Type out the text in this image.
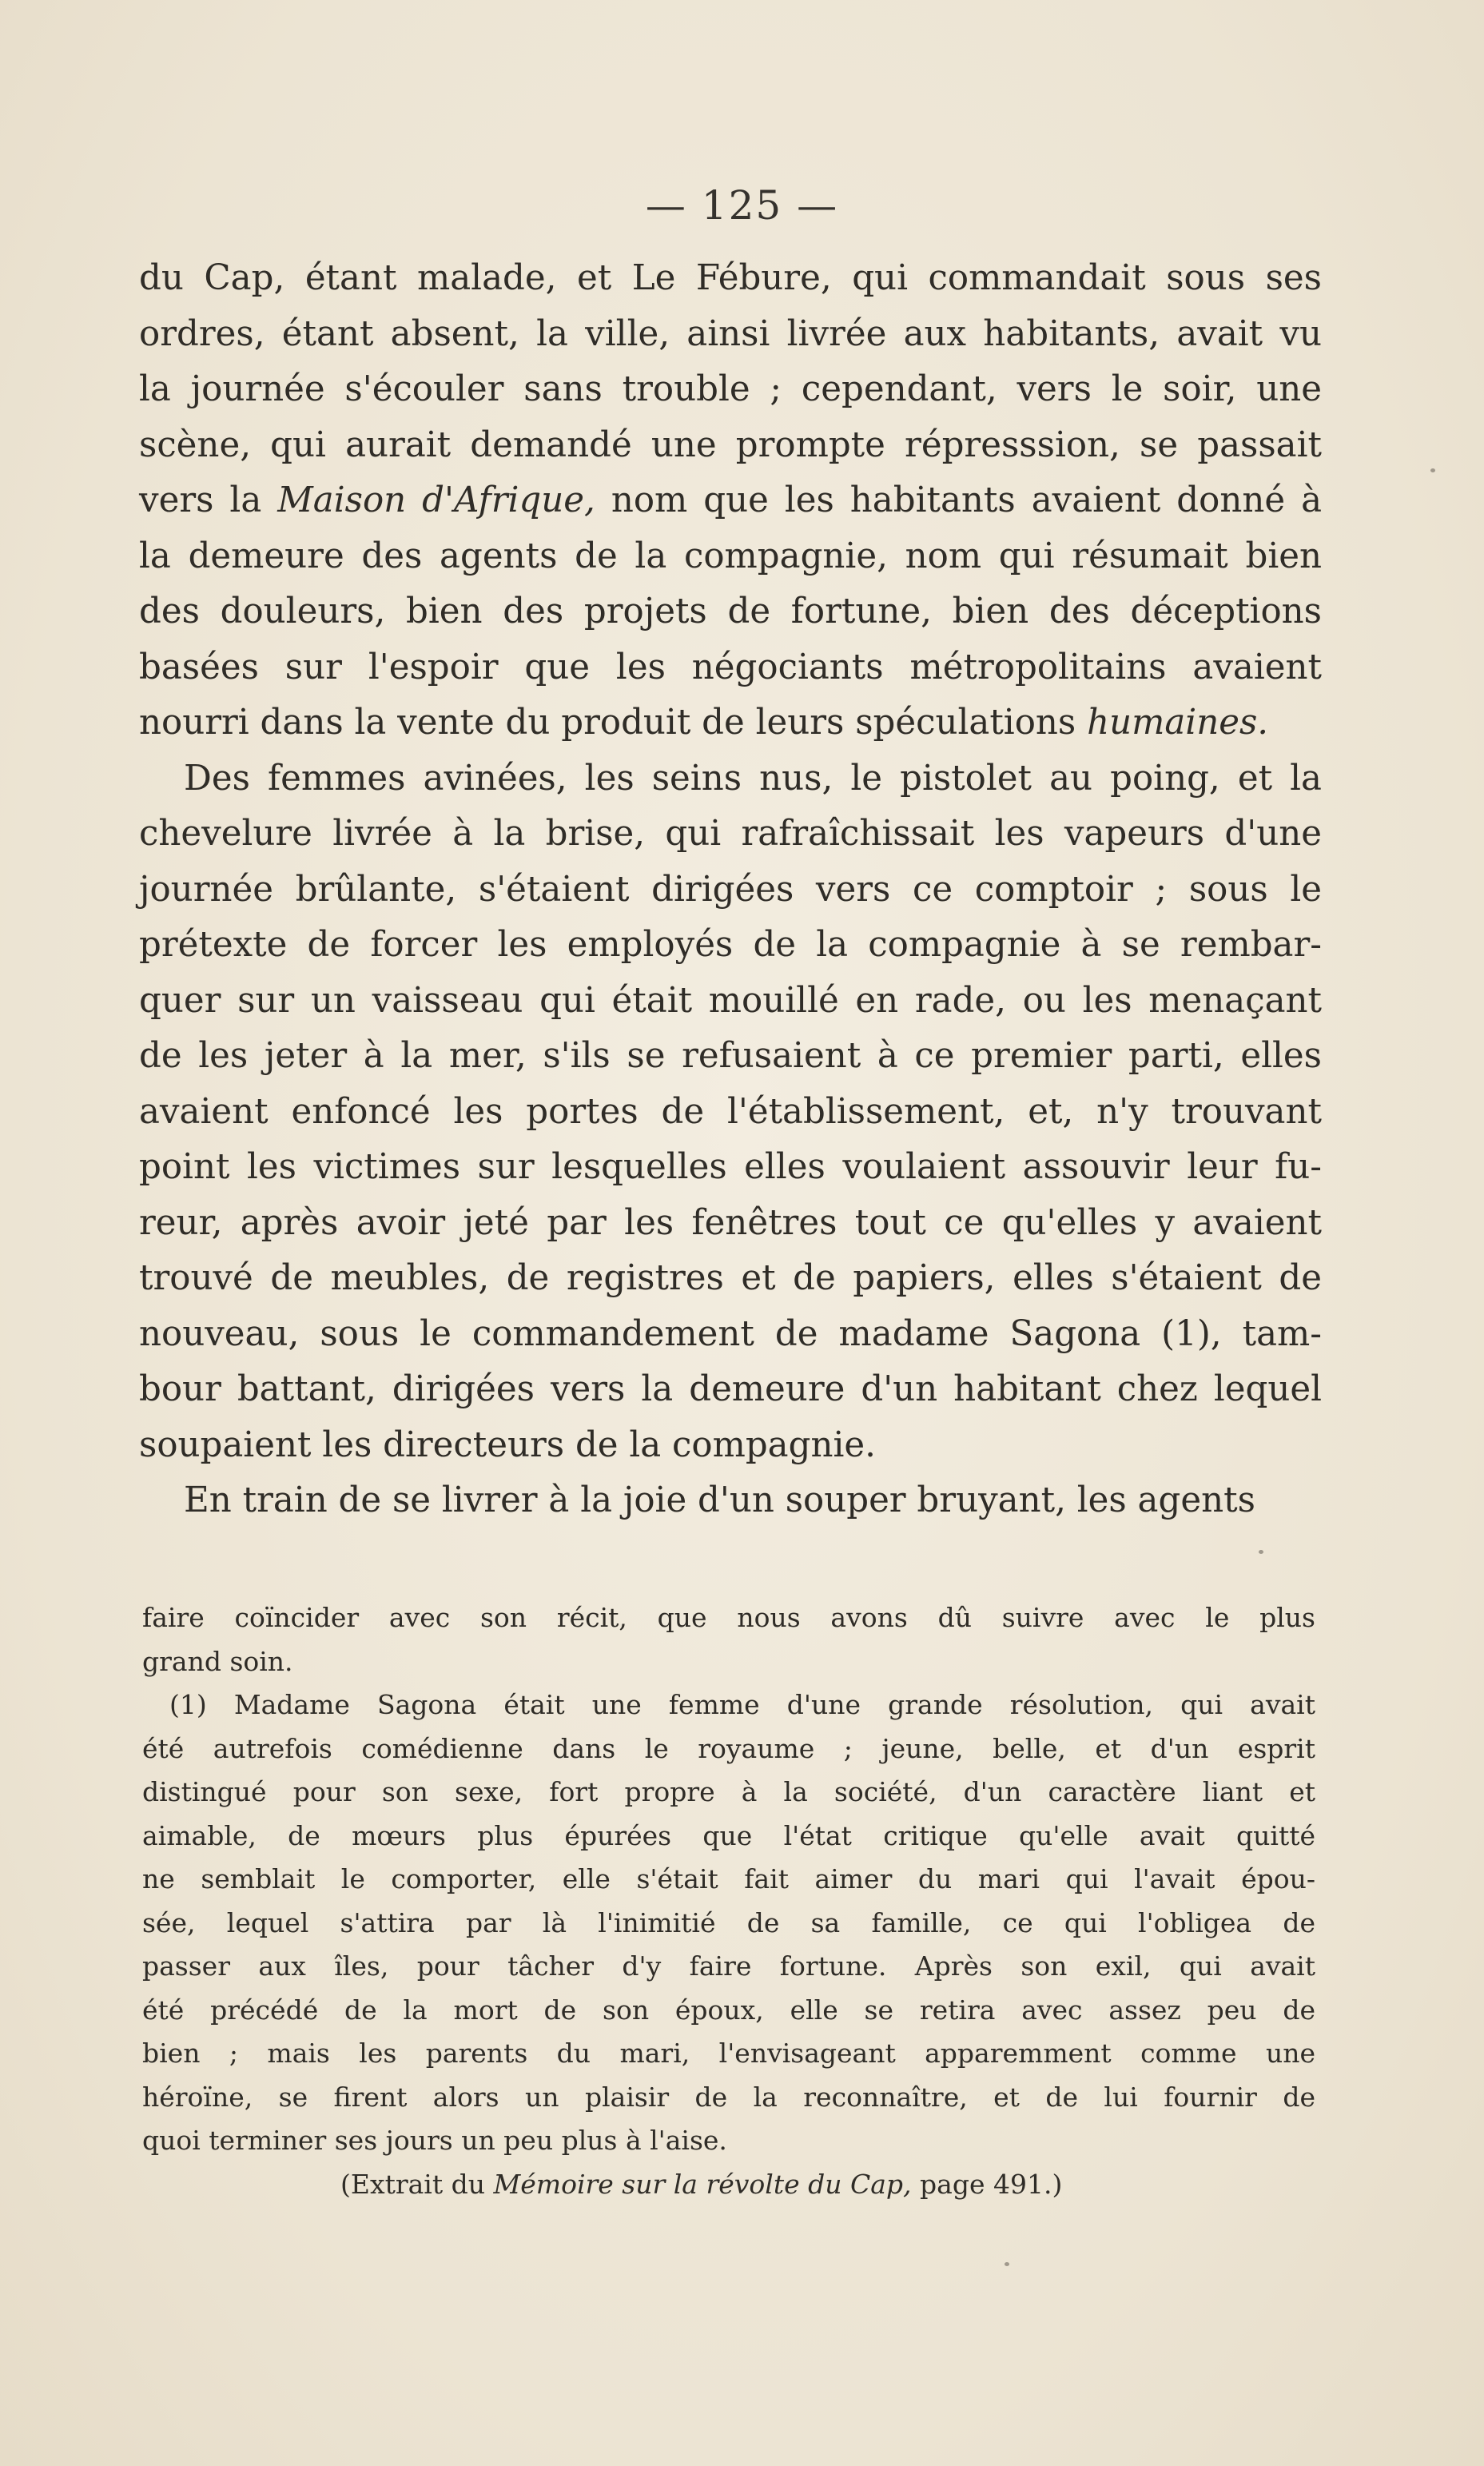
— 125 —

du Cap, étant malade, et Le Fébure, qui commandait sous ses
ordres, étant absent, la ville, ainsi livrée aux habitants, avait vu
la journée s'écouler sans trouble ; cependant, vers le soir, une
scène, qui aurait demandé une prompte répresssion, se passait
vers la Maison d'Afrique, nom que les habitants avaient donné à
la demeure des agents de la compagnie, nom qui résumait bien
des douleurs, bien des projets de fortune, bien des déceptions
basées sur l'espoir que les négociants métropolitains avaient

nourri dans la vente du produit de leurs spéculations humaines.

Des femmes avinées, les seins nus, le pistolet au poing, et la
chevelure livrée à la brise, qui rafraîchissait les vapeurs d'une
journée brûlante, s'étaient dirigées vers ce comptoir ; sous le
prétexte de forcer les employés de la compagnie à se rembar-
quer sur un vaisseau qui était mouillé en rade, ou les menaçant
de les jeter à la mer, s'ils se refusaient à ce premier parti, elles
avaient enfoncé les portes de l'établissement, et, n'y trouvant
point les victimes sur lesquelles elles voulaient assouvir leur fu-
reur, après avoir jeté par les fenêtres tout ce qu'elles y avaient
trouvé de meubles, de registres et de papiers, elles s'étaient de
nouveau, sous le commandement de madame Sagona (1), tam-
bour battant, dirigées vers la demeure d'un habitant chez lequel

soupaient les directeurs de la compagnie.

En train de se livrer à la joie d'un souper bruyant, les agents

faire coïncider avec son récit, que nous avons dû suivre avec le plus

grand soin.

(1) Madame Sagona était une femme d'une grande résolution, qui avait
été autrefois comédienne dans le royaume ; jeune, belle, et d'un esprit
distingué pour son sexe, fort propre à la société, d'un caractère liant et
aimable, de mœurs plus épurées que l'état critique qu'elle avait quitté
ne semblait le comporter, elle s'était fait aimer du mari qui l'avait épou-
sée, lequel s'attira par là l'inimitié de sa famille, ce qui l'obligea de
passer aux îles, pour tâcher d'y faire fortune. Après son exil, qui avait
été précédé de la mort de son époux, elle se retira avec assez peu de
bien ; mais les parents du mari, l'envisageant apparemment comme une
héroïne, se firent alors un plaisir de la reconnaître, et de lui fournir de

quoi terminer ses jours un peu plus à l'aise.

(Extrait du Mémoire sur la révolte du Cap, page 491.)
